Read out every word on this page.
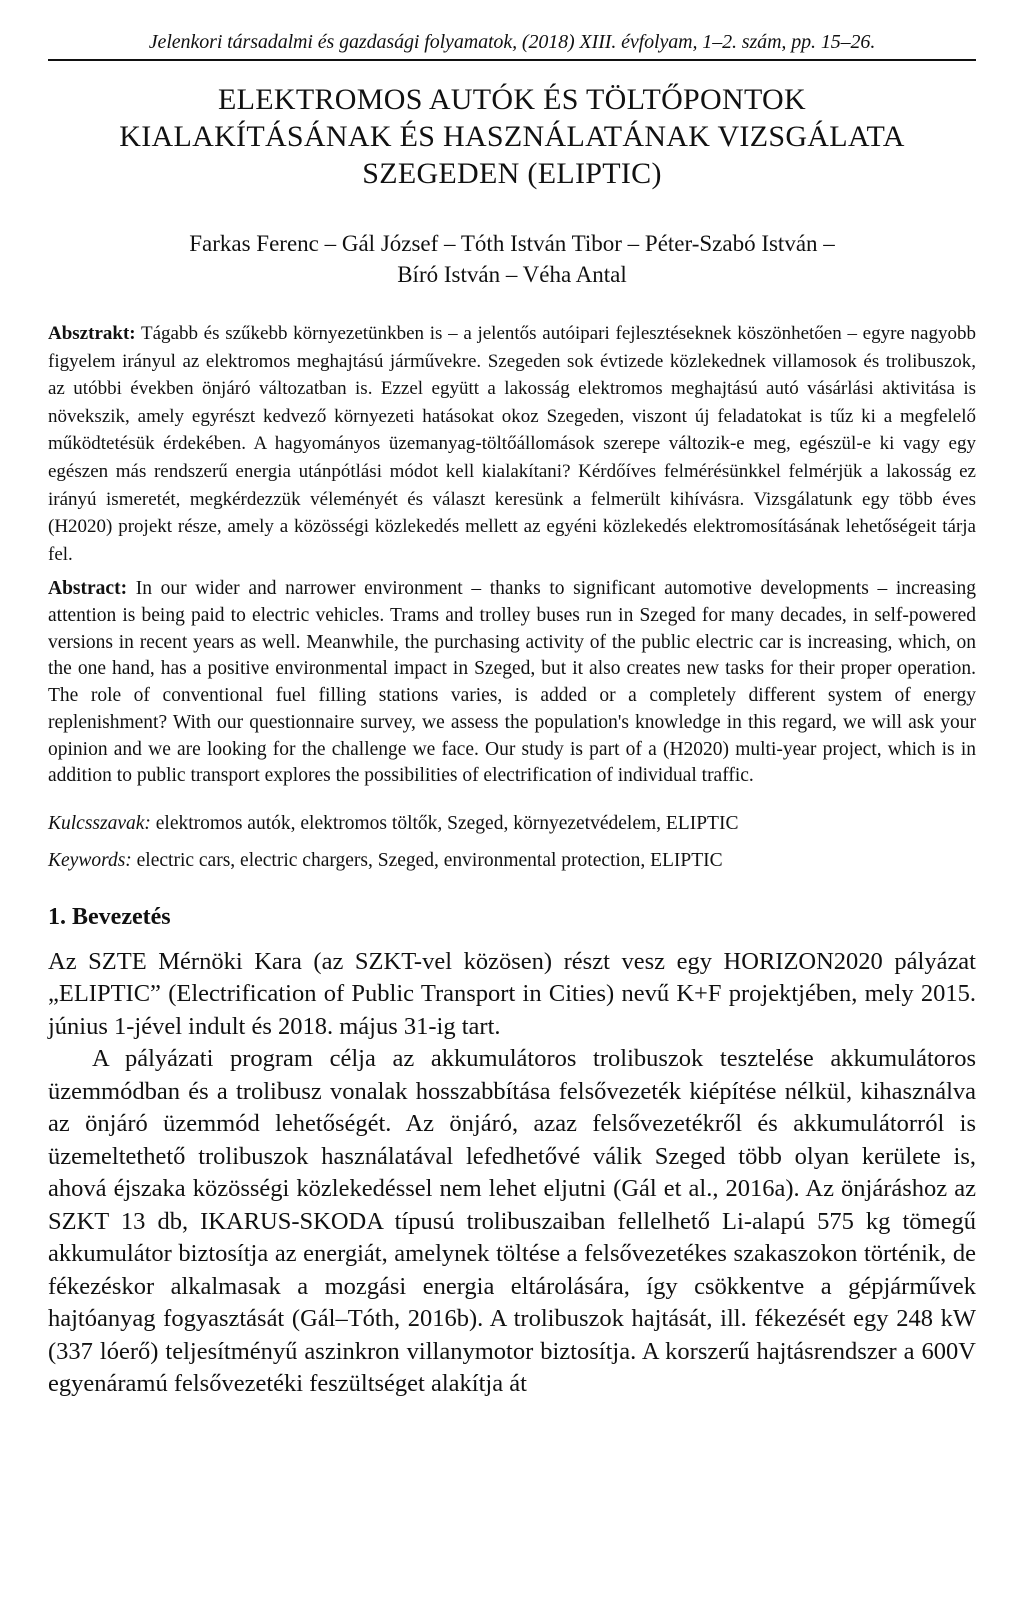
Jelenkori társadalmi és gazdasági folyamatok, (2018) XIII. évfolyam, 1–2. szám, pp. 15–26.
ELEKTROMOS AUTÓK ÉS TÖLTŐPONTOK
KIALAKÍTÁSÁNAK ÉS HASZNÁLATÁNAK VIZSGÁLATA
SZEGEDEN (ELIPTIC)
Farkas Ferenc – Gál József – Tóth István Tibor – Péter-Szabó István –
Bíró István – Véha Antal
Absztrakt: Tágabb és szűkebb környezetünkben is – a jelentős autóipari fejlesztéseknek köszönhetően – egyre nagyobb figyelem irányul az elektromos meghajtású járművekre. Szegeden sok évtizede közlekednek villamosok és trolibuszok, az utóbbi években önjáró változatban is. Ezzel együtt a lakosság elektromos meghajtású autó vásárlási aktivitása is növekszik, amely egyrészt kedvező környezeti hatásokat okoz Szegeden, viszont új feladatokat is tűz ki a megfelelő működtetésük érdekében. A hagyományos üzemanyag-töltőállomások szerepe változik-e meg, egészül-e ki vagy egy egészen más rendszerű energia utánpótlási módot kell kialakítani? Kérdőíves felmérésünkkel felmérjük a lakosság ez irányú ismeretét, megkérdezzük véleményét és választ keresünk a felmerült kihívásra. Vizsgálatunk egy több éves (H2020) projekt része, amely a közösségi közlekedés mellett az egyéni közlekedés elektromosításának lehetőségeit tárja fel.
Abstract: In our wider and narrower environment – thanks to significant automotive developments – increasing attention is being paid to electric vehicles. Trams and trolley buses run in Szeged for many decades, in self-powered versions in recent years as well. Meanwhile, the purchasing activity of the public electric car is increasing, which, on the one hand, has a positive environmental impact in Szeged, but it also creates new tasks for their proper operation. The role of conventional fuel filling stations varies, is added or a completely different system of energy replenishment? With our questionnaire survey, we assess the population's knowledge in this regard, we will ask your opinion and we are looking for the challenge we face. Our study is part of a (H2020) multi-year project, which is in addition to public transport explores the possibilities of electrification of individual traffic.
Kulcsszavak: elektromos autók, elektromos töltők, Szeged, környezetvédelem, ELIPTIC
Keywords: electric cars, electric chargers, Szeged, environmental protection, ELIPTIC
1. Bevezetés

Az SZTE Mérnöki Kara (az SZKT-vel közösen) részt vesz egy HORIZON2020 pályázat „ELIPTIC” (Electrification of Public Transport in Cities) nevű K+F projektjében, mely 2015. június 1-jével indult és 2018. május 31-ig tart.

A pályázati program célja az akkumulátoros trolibuszok tesztelése akkumulátoros üzemmódban és a trolibusz vonalak hosszabbítása felsővezeték kiépítése nélkül, kihasználva az önjáró üzemmód lehetőségét. Az önjáró, azaz felsővezetékről és akkumulátorról is üzemeltethető trolibuszok használatával lefedhetővé válik Szeged több olyan kerülete is, ahová éjszaka közösségi közlekedéssel nem lehet eljutni (Gál et al., 2016a). Az önjáráshoz az SZKT 13 db, IKARUS-SKODA típusú trolibuszaiban fellelhető Li-alapú 575 kg tömegű akkumulátor biztosítja az energiát, amelynek töltése a felsővezetékes szakaszokon történik, de fékezéskor alkalmasak a mozgási energia eltárolására, így csökkentve a gépjárművek hajtóanyag fogyasztását (Gál–Tóth, 2016b). A trolibuszok hajtását, ill. fékezését egy 248 kW (337 lóerő) teljesítményű aszinkron villanymotor biztosítja. A korszerű hajtásrendszer a 600V egyenáramú felsővezetéki feszültséget alakítja át
